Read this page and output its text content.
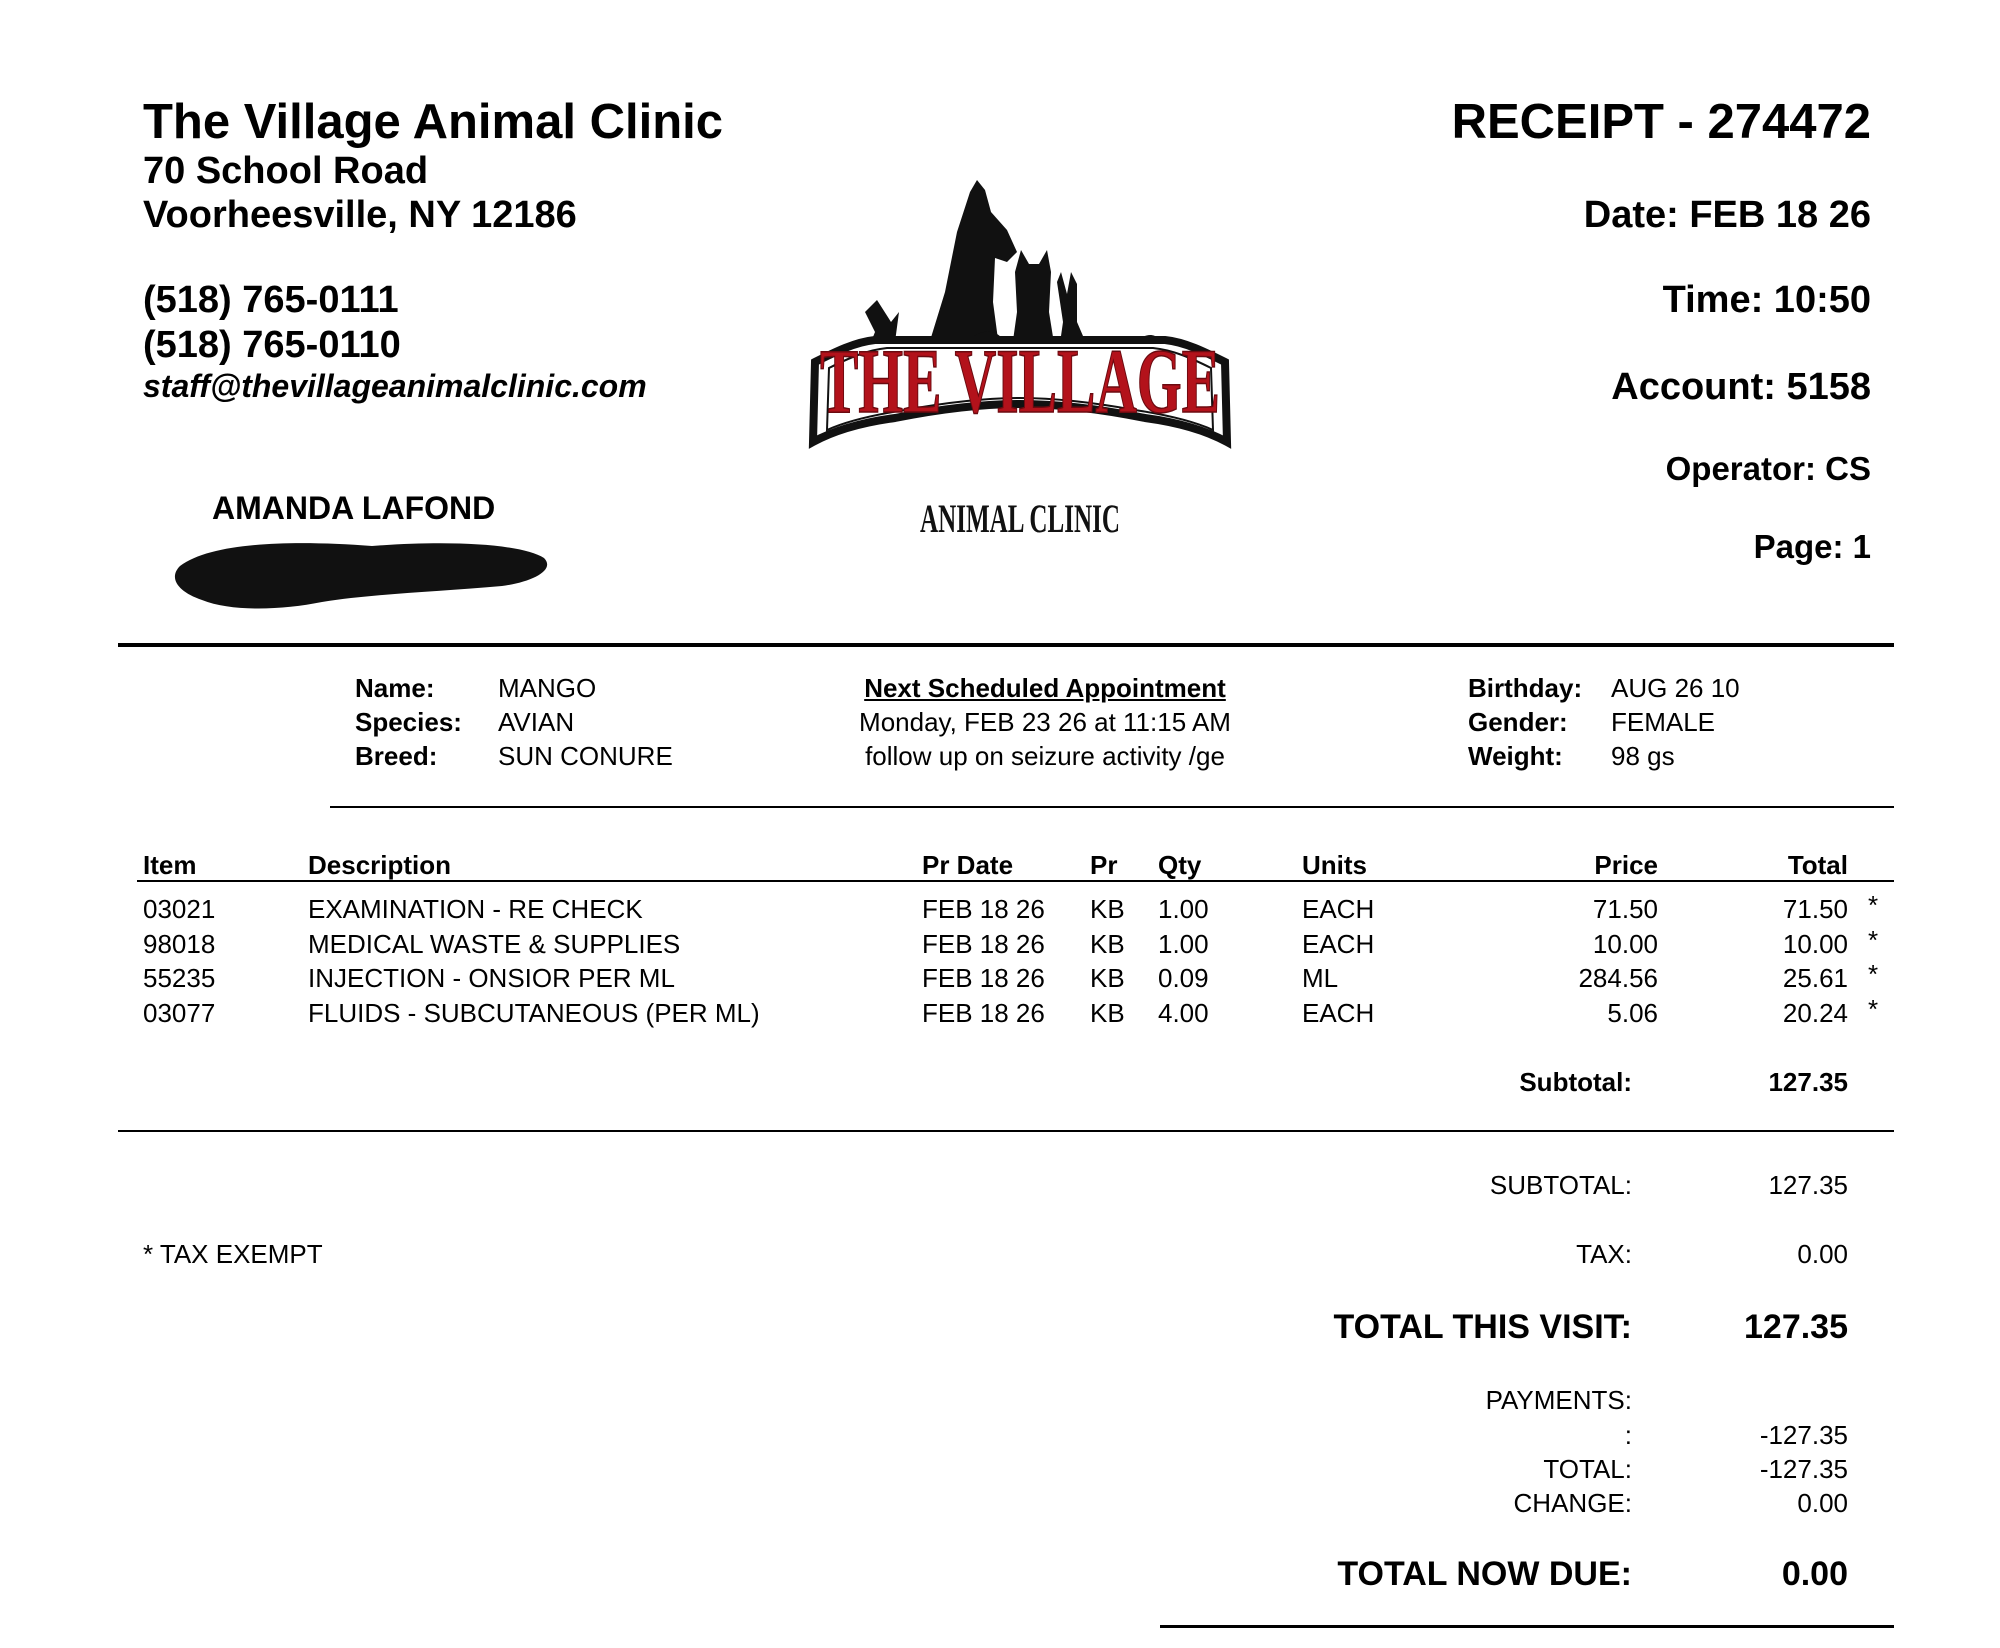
The Village Animal Clinic
70 School Road
Voorheesville, NY 12186
(518) 765-0111
(518) 765-0110
staff@thevillageanimalclinic.com
AMANDA LAFOND
THE VILLAGE
ANIMAL CLINIC
RECEIPT - 274472
Date: FEB 18 26
Time: 10:50
Account: 5158
Operator: CS
Page: 1
Name: MANGO
Species: AVIAN
Breed: SUN CONURE
Next Scheduled Appointment
Monday, FEB 23 26 at 11:15 AM
follow up on seizure activity /ge
Birthday: AUG 26 10
Gender: FEMALE
Weight: 98 gs
Item	Description	Pr Date	Pr Qty	Units	Price	Total
03021	EXAMINATION - RE CHECK	FEB 18 26 KB 1.00	EACH	71.50	71.50 *
98018	MEDICAL WASTE & SUPPLIES	FEB 18 26 KB 1.00	EACH	10.00	10.00 *
55235	INJECTION - ONSIOR PER ML	FEB 18 26 KB 0.09	ML	284.56	25.61 *
03077	FLUIDS - SUBCUTANEOUS (PER ML)	FEB 18 26 KB 4.00	EACH	5.06	20.24 *
Subtotal:	127.35
SUBTOTAL:	127.35
* TAX EXEMPT	TAX:	0.00
TOTAL THIS VISIT:	127.35
PAYMENTS:
:	-127.35
TOTAL:	-127.35
CHANGE:	0.00
TOTAL NOW DUE:	0.00
